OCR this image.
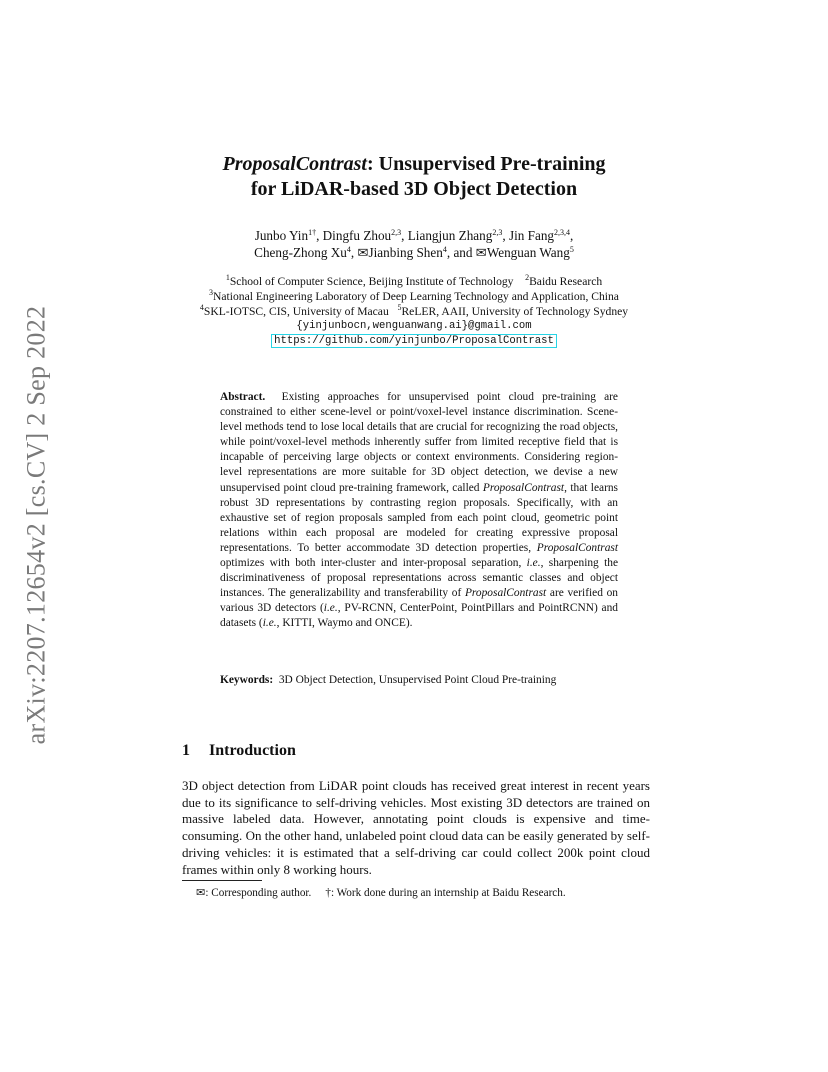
arXiv:2207.12654v2 [cs.CV] 2 Sep 2022
ProposalContrast: Unsupervised Pre-training
for LiDAR-based 3D Object Detection
Junbo Yin$^{1\dagger}$, Dingfu Zhou$^{2,3}$, Liangjun Zhang$^{2,3}$, Jin Fang$^{2,3,4}$,
Cheng-Zhong Xu$^4$, ✉Jianbing Shen$^4$, and ✉Wenguan Wang$^5$
$^1$School of Computer Science, Beijing Institute of Technology $^2$Baidu Research
$^3$National Engineering Laboratory of Deep Learning Technology and Application, China
$^4$SKL-IOTSC, CIS, University of Macau $^5$ReLER, AAII, University of Technology Sydney
{yinjunbocn,wenguanwang.ai}@gmail.com
https://github.com/yinjunbo/ProposalContrast
Abstract. Existing approaches for unsupervised point cloud pre-training are constrained to either scene-level or point/voxel-level instance discrimination. Scene-level methods tend to lose local details that are crucial for recognizing the road objects, while point/voxel-level methods inherently suffer from limited receptive field that is incapable of perceiving large objects or context environments. Considering region-level representations are more suitable for 3D object detection, we devise a new unsupervised point cloud pre-training framework, called ProposalContrast, that learns robust 3D representations by contrasting region proposals. Specifically, with an exhaustive set of region proposals sampled from each point cloud, geometric point relations within each proposal are modeled for creating expressive proposal representations. To better accommodate 3D detection properties, ProposalContrast optimizes with both inter-cluster and inter-proposal separation, i.e., sharpening the discriminativeness of proposal representations across semantic classes and object instances. The generalizability and transferability of ProposalContrast are verified on various 3D detectors (i.e., PV-RCNN, CenterPoint, PointPillars and PointRCNN) and datasets (i.e., KITTI, Waymo and ONCE).
Keywords: 3D Object Detection, Unsupervised Point Cloud Pre-training
1 Introduction
3D object detection from LiDAR point clouds has received great interest in recent years due to its significance to self-driving vehicles. Most existing 3D detectors are trained on massive labeled data. However, annotating point clouds is expensive and time-consuming. On the other hand, unlabeled point cloud data can be easily generated by self-driving vehicles: it is estimated that a self-driving car could collect 200k point cloud frames within only 8 working hours.
✉: Corresponding author. †: Work done during an internship at Baidu Research.
